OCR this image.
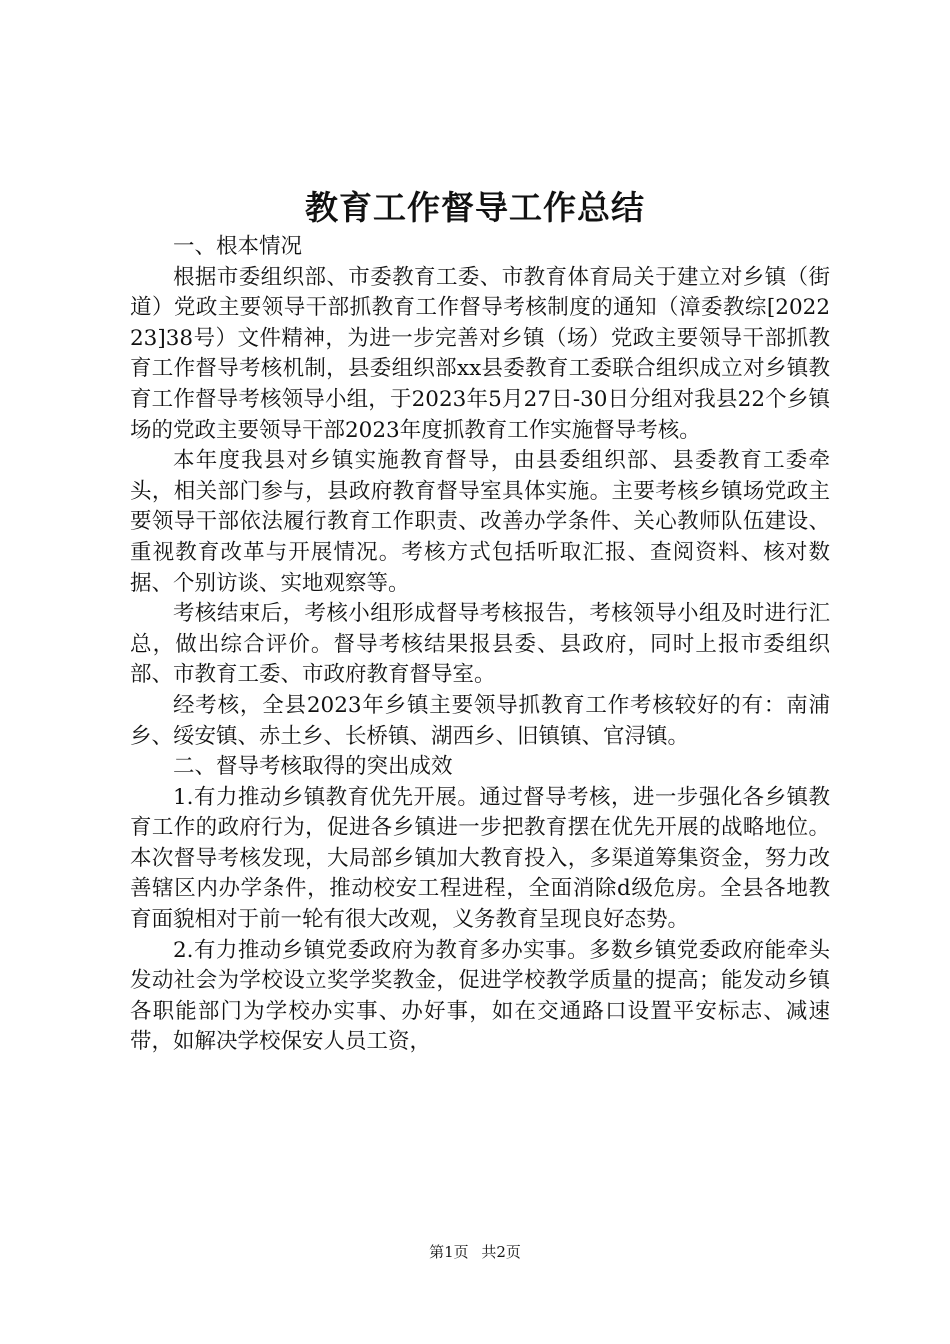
教育工作督导工作总结

一、根本情况

根据市委组织部、市委教育工委、市教育体育局关于建立对乡镇（街道）党政主要领导干部抓教育工作督导考核制度的通知（漳委教综[202223]38号）文件精神，为进一步完善对乡镇（场）党政主要领导干部抓教育工作督导考核机制，县委组织部xx县委教育工委联合组织成立对乡镇教育工作督导考核领导小组，于2023年5月27日-30日分组对我县22个乡镇场的党政主要领导干部2023年度抓教育工作实施督导考核。

本年度我县对乡镇实施教育督导，由县委组织部、县委教育工委牵头，相关部门参与，县政府教育督导室具体实施。主要考核乡镇场党政主要领导干部依法履行教育工作职责、改善办学条件、关心教师队伍建设、重视教育改革与开展情况。考核方式包括听取汇报、查阅资料、核对数据、个别访谈、实地观察等。

考核结束后，考核小组形成督导考核报告，考核领导小组及时进行汇总，做出综合评价。督导考核结果报县委、县政府，同时上报市委组织部、市教育工委、市政府教育督导室。

经考核，全县2023年乡镇主要领导抓教育工作考核较好的有：南浦乡、绥安镇、赤土乡、长桥镇、湖西乡、旧镇镇、官浔镇。

二、督导考核取得的突出成效

1.有力推动乡镇教育优先开展。通过督导考核，进一步强化各乡镇教育工作的政府行为，促进各乡镇进一步把教育摆在优先开展的战略地位。本次督导考核发现，大局部乡镇加大教育投入，多渠道筹集资金，努力改善辖区内办学条件，推动校安工程进程，全面消除d级危房。全县各地教育面貌相对于前一轮有很大改观，义务教育呈现良好态势。

2.有力推动乡镇党委政府为教育多办实事。多数乡镇党委政府能牵头发动社会为学校设立奖学奖教金，促进学校教学质量的提高；能发动乡镇各职能部门为学校办实事、办好事，如在交通路口设置平安标志、减速带，如解决学校保安人员工资，

第1页 共2页
